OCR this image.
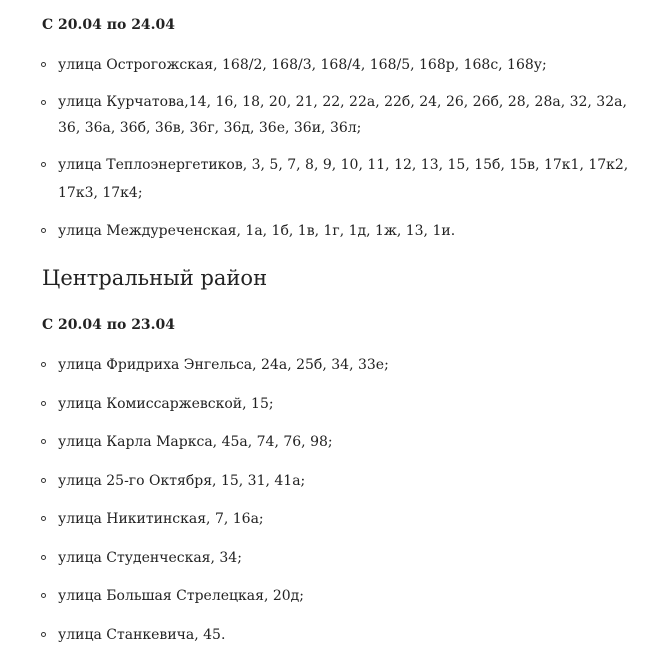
С 20.04 по 24.04

улица Острогожская, 168/2, 168/3, 168/4, 168/5, 168р, 168с, 168у;
улица Курчатова,14, 16, 18, 20, 21, 22, 22а, 22б, 24, 26, 26б, 28, 28а, 32, 32а, 36, 36а, 36б, 36в, 36г, 36д, 36е, 36и, 36л;
улица Теплоэнергетиков, 3, 5, 7, 8, 9, 10, 11, 12, 13, 15, 15б, 15в, 17к1, 17к2, 17к3, 17к4;
улица Междуреченская, 1а, 1б, 1в, 1г, 1д, 1ж, 13, 1и.
Центральный район

С 20.04 по 23.04

улица Фридриха Энгельса, 24а, 25б, 34, 33е;
улица Комиссаржевской, 15;
улица Карла Маркса, 45а, 74, 76, 98;
улица 25-го Октября, 15, 31, 41а;
улица Никитинская, 7, 16а;
улица Студенческая, 34;
улица Большая Стрелецкая, 20д;
улица Станкевича, 45.
